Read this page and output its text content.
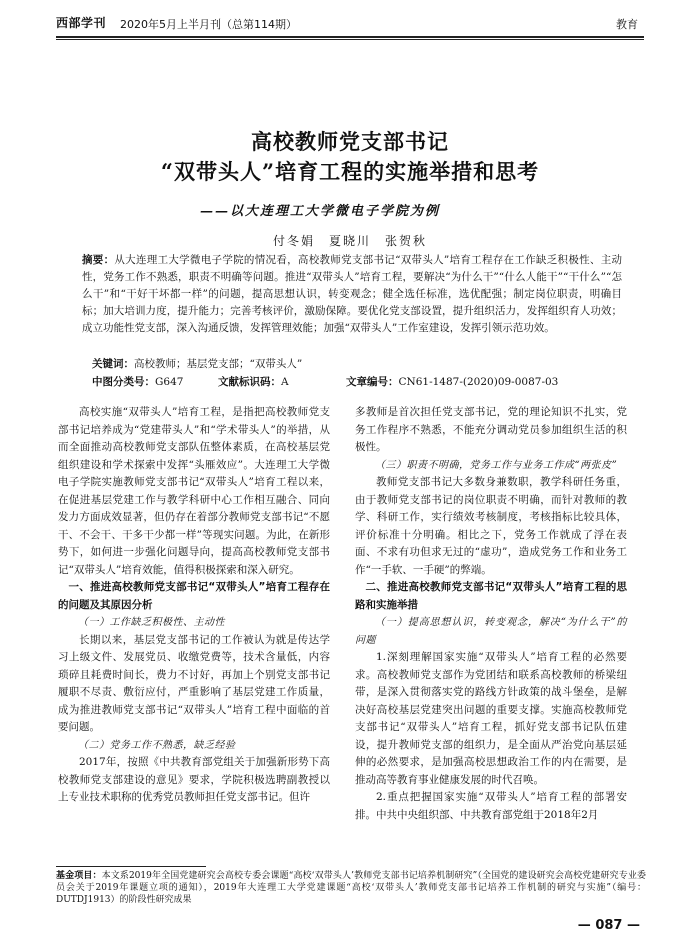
西部学刊 2020年5月上半月刊（总第114期）	教育
高校教师党支部书记
“双带头人”培育工程的实施举措和思考
——以大连理工大学微电子学院为例
付冬娟　夏晓川　张贺秋
摘要：从大连理工大学微电子学院的情况看，高校教师党支部书记“双带头人”培育工程存在工作缺乏积极性、主动性，党务工作不熟悉，职责不明确等问题。推进“双带头人”培育工程，要解决“为什么干”“什么人能干”“干什么”“怎么干”和“干好干坏都一样”的问题，提高思想认识，转变观念；健全选任标准，选优配强；制定岗位职责，明确目标；加大培训力度，提升能力；完善考核评价，激励保障。要优化党支部设置，提升组织活力，发挥组织育人功效；成立功能性党支部，深入沟通反馈，发挥管理效能；加强“双带头人”工作室建设，发挥引领示范功效。
关键词：高校教师；基层党支部；“双带头人”
中图分类号：G647	文献标识码：A	文章编号：CN61-1487-(2020)09-0087-03

高校实施“双带头人”培育工程，是指把高校教师党支部书记培养成为“党建带头人”和“学术带头人”的举措，从而全面推动高校教师党支部队伍整体素质，在高校基层党组织建设和学术探索中发挥“头雁效应”。大连理工大学微电子学院实施教师党支部书记“双带头人”培育工程以来，在促进基层党建工作与教学科研中心工作相互融合、同向发力方面成效显著，但仍存在着部分教师党支部书记“不愿干、不会干、干多干少都一样”等现实问题。为此，在新形势下，如何进一步强化问题导向，提高高校教师党支部书记“双带头人”培育效能，值得积极探索和深入研究。

一、推进高校教师党支部书记“双带头人”培育工程存在的问题及其原因分析

（一）工作缺乏积极性、主动性

长期以来，基层党支部书记的工作被认为就是传达学习上级文件、发展党员、收缴党费等，技术含量低，内容琐碎且耗费时间长，费力不讨好，再加上个别党支部书记履职不尽责、敷衍应付，严重影响了基层党建工作质量，成为推进教师党支部书记“双带头人”培育工程中面临的首要问题。

（二）党务工作不熟悉，缺乏经验

2017年，按照《中共教育部党组关于加强新形势下高校教师党支部建设的意见》要求，学院积极选聘副教授以上专业技术职称的优秀党员教师担任党支部书记。但许

多教师是首次担任党支部书记，党的理论知识不扎实，党务工作程序不熟悉，不能充分调动党员参加组织生活的积极性。

（三）职责不明确，党务工作与业务工作成“两张皮”

教师党支部书记大多数身兼数职，教学科研任务重，由于教师党支部书记的岗位职责不明确，而针对教师的教学、科研工作，实行绩效考核制度，考核指标比较具体，评价标准十分明确。相比之下，党务工作就成了浮在表面、不求有功但求无过的“虚功”，造成党务工作和业务工作“一手软、一手硬”的弊端。

二、推进高校教师党支部书记“双带头人”培育工程的思路和实施举措

（一）提高思想认识，转变观念，解决“为什么干”的问题

1.深刻理解国家实施“双带头人”培育工程的必然要求。高校教师党支部作为党团结和联系高校教师的桥梁纽带，是深入贯彻落实党的路线方针政策的战斗堡垒，是解决好高校基层党建突出问题的重要支撑。实施高校教师党支部书记“双带头人”培育工程，抓好党支部书记队伍建设，提升教师党支部的组织力，是全面从严治党向基层延伸的必然要求，是加强高校思想政治工作的内在需要，是推动高等教育事业健康发展的时代召唤。

2.重点把握国家实施“双带头人”培育工程的部署安排。中共中央组织部、中共教育部党组于2018年2月

基金项目：本文系2019年全国党建研究会高校专委会课题“高校‘双带头人’教师党支部书记培养机制研究”（全国党的建设研究会高校党建研究专业委员会关于2019年课题立项的通知），2019年大连理工大学党建课题“高校‘双带头人’教师党支部书记培养工作机制的研究与实施”（编号：DUTDJ1913）的阶段性研究成果
— 087 —
